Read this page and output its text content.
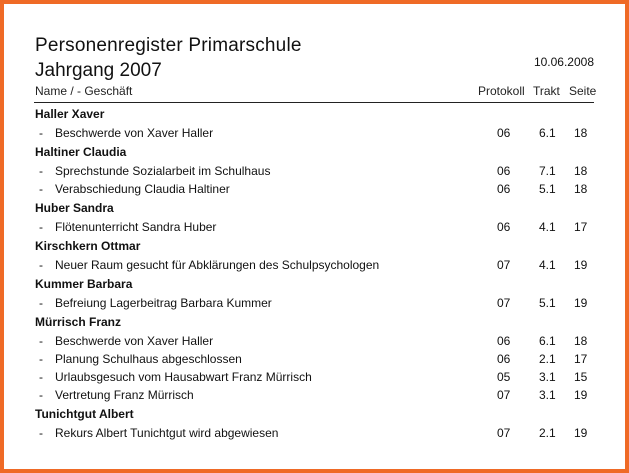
Personenregister Primarschule
Jahrgang 2007	10.06.2008
Name / - Geschäft	Protokoll Trakt Seite
Haller Xaver
- Beschwerde von Xaver Haller	06 6.1 18
Haltiner Claudia
- Sprechstunde Sozialarbeit im Schulhaus	06 7.1 18
- Verabschiedung Claudia Haltiner	06 5.1 18
Huber Sandra
- Flötenunterricht Sandra Huber	06 4.1 17
Kirschkern Ottmar
- Neuer Raum gesucht für Abklärungen des Schulpsychologen	07 4.1 19
Kummer Barbara
- Befreiung Lagerbeitrag Barbara Kummer	07 5.1 19
Mürrisch Franz
- Beschwerde von Xaver Haller	06 6.1 18
- Planung Schulhaus abgeschlossen	06 2.1 17
- Urlaubsgesuch vom Hausabwart Franz Mürrisch	05 3.1 15
- Vertretung Franz Mürrisch	07 3.1 19
Tunichtgut Albert
- Rekurs Albert Tunichtgut wird abgewiesen	07 2.1 19
